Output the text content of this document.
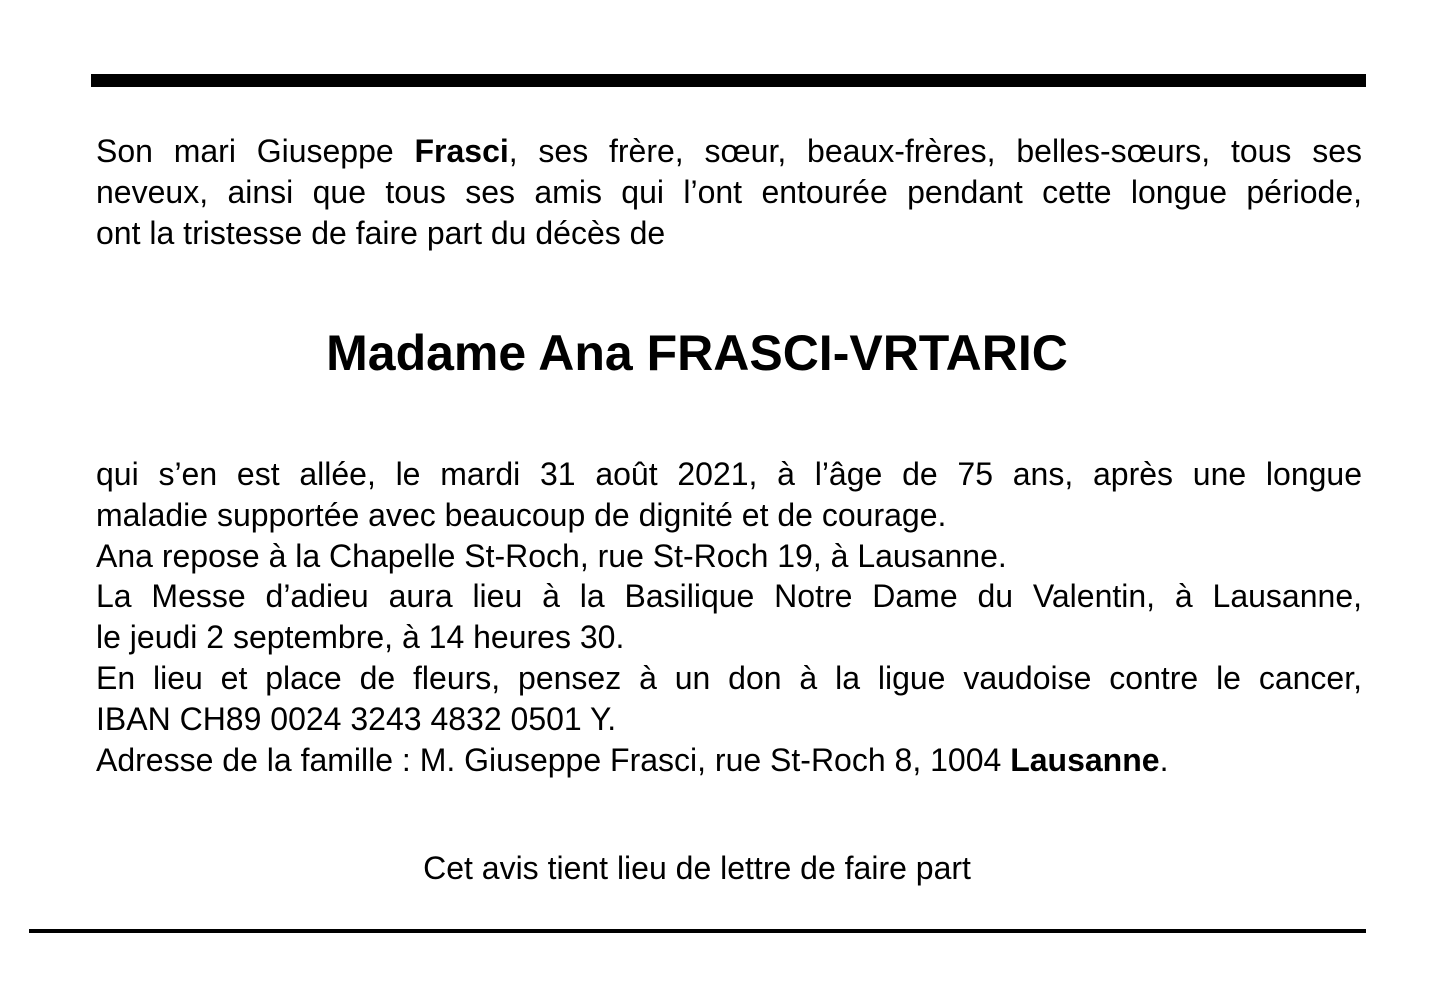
Son mari Giuseppe Frasci, ses frère, sœur, beaux-frères, belles-sœurs, tous ses
neveux, ainsi que tous ses amis qui l’ont entourée pendant cette longue période,
ont la tristesse de faire part du décès de
Madame Ana FRASCI-VRTARIC
qui s’en est allée, le mardi 31 août 2021, à l’âge de 75 ans, après une longue
maladie supportée avec beaucoup de dignité et de courage.
Ana repose à la Chapelle St-Roch, rue St-Roch 19, à Lausanne.
La Messe d’adieu aura lieu à la Basilique Notre Dame du Valentin, à Lausanne,
le jeudi 2 septembre, à 14 heures 30.
En lieu et place de fleurs, pensez à un don à la ligue vaudoise contre le cancer,
IBAN CH89 0024 3243 4832 0501 Y.
Adresse de la famille : M. Giuseppe Frasci, rue St-Roch 8, 1004 Lausanne.

Cet avis tient lieu de lettre de faire part
